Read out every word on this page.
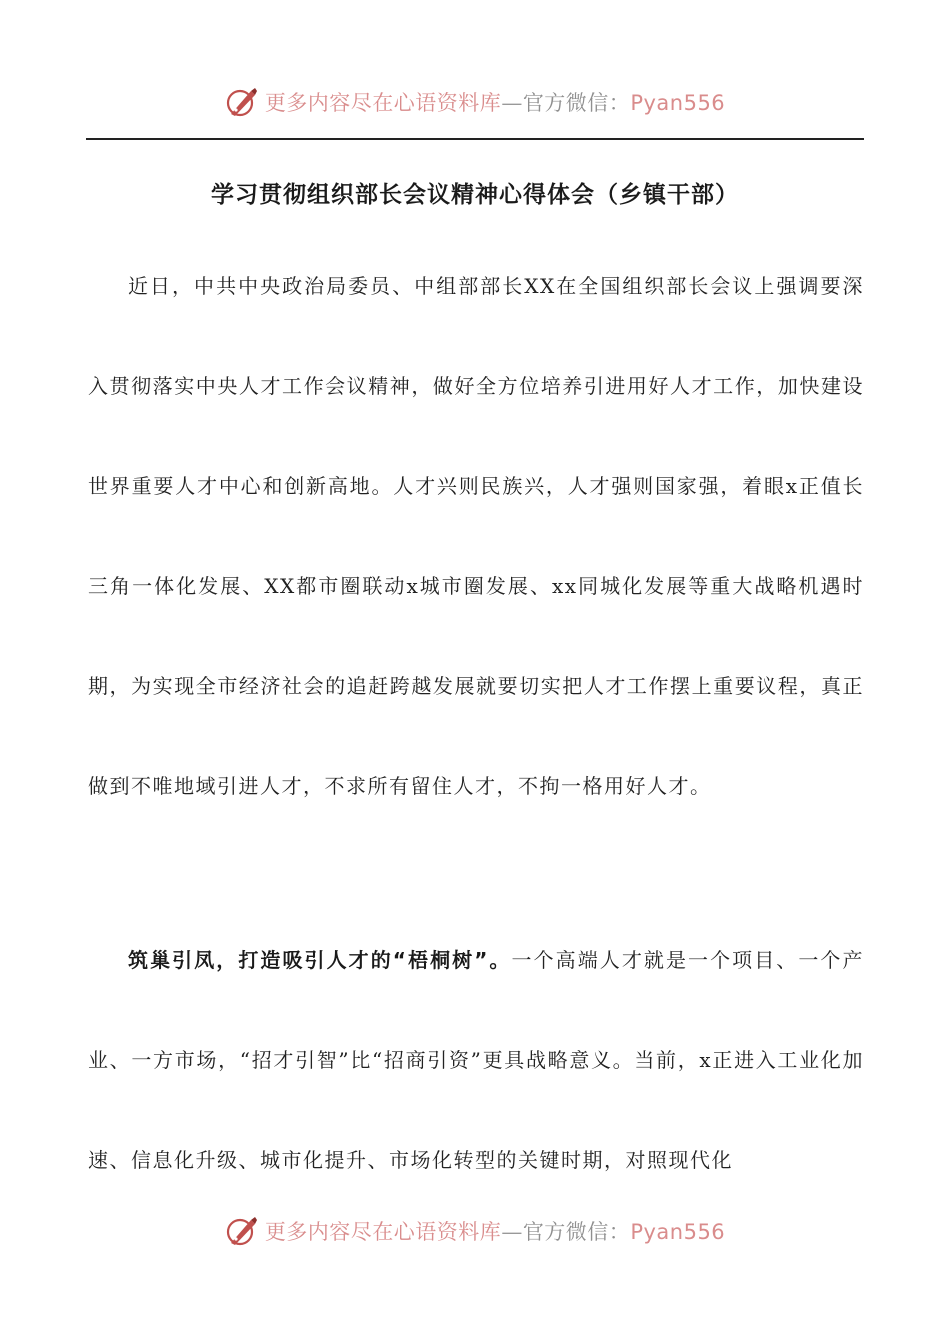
更多内容尽在心语资料库—官方微信：Pyan556
学习贯彻组织部长会议精神心得体会（乡镇干部）

近日，中共中央政治局委员、中组部部长XX在全国组织部长会议上强调要深入贯彻落实中央人才工作会议精神，做好全方位培养引进用好人才工作，加快建设世界重要人才中心和创新高地。人才兴则民族兴，人才强则国家强，着眼x正值长三角一体化发展、XX都市圈联动x城市圈发展、xx同城化发展等重大战略机遇时期，为实现全市经济社会的追赶跨越发展就要切实把人才工作摆上重要议程，真正做到不唯地域引进人才，不求所有留住人才，不拘一格用好人才。

筑巢引凤，打造吸引人才的“梧桐树”。一个高端人才就是一个项目、一个产业、一方市场，“招才引智”比“招商引资”更具战略意义。当前，x正进入工业化加速、信息化升级、城市化提升、市场化转型的关键时期，对照现代化

更多内容尽在心语资料库—官方微信：Pyan556
